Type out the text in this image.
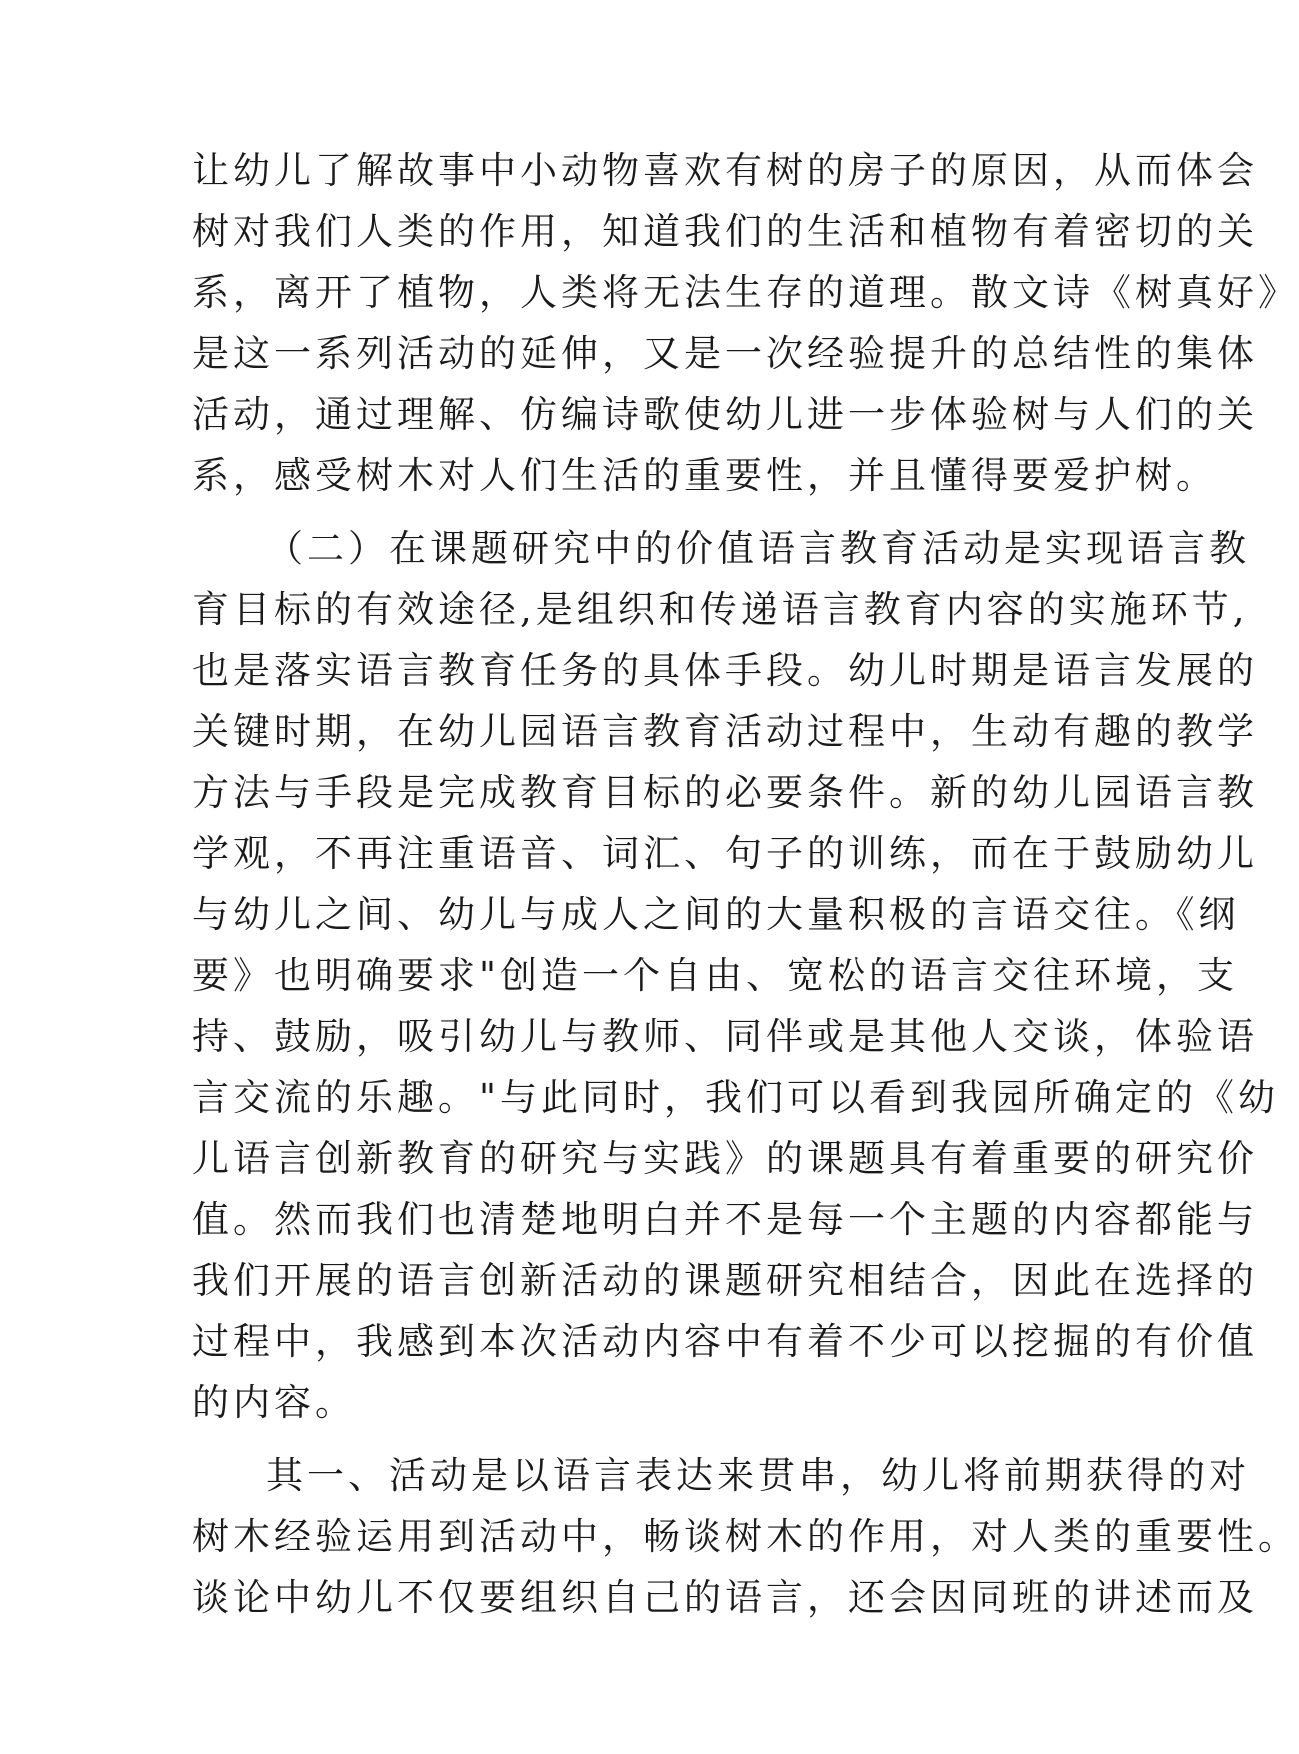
让幼儿了解故事中小动物喜欢有树的房子的原因，从而体会
树对我们人类的作用，知道我们的生活和植物有着密切的关
系，离开了植物，人类将无法生存的道理。散文诗《树真好》
是这一系列活动的延伸，又是一次经验提升的总结性的集体
活动，通过理解、仿编诗歌使幼儿进一步体验树与人们的关
系，感受树木对人们生活的重要性，并且懂得要爱护树。
（二）在课题研究中的价值语言教育活动是实现语言教
育目标的有效途径,是组织和传递语言教育内容的实施环节,
也是落实语言教育任务的具体手段。幼儿时期是语言发展的
关键时期，在幼儿园语言教育活动过程中，生动有趣的教学
方法与手段是完成教育目标的必要条件。新的幼儿园语言教
学观，不再注重语音、词汇、句子的训练，而在于鼓励幼儿
与幼儿之间、幼儿与成人之间的大量积极的言语交往。《纲
要》也明确要求"创造一个自由、宽松的语言交往环境，支
持、鼓励，吸引幼儿与教师、同伴或是其他人交谈，体验语
言交流的乐趣。"与此同时，我们可以看到我园所确定的《幼
儿语言创新教育的研究与实践》的课题具有着重要的研究价
值。然而我们也清楚地明白并不是每一个主题的内容都能与
我们开展的语言创新活动的课题研究相结合，因此在选择的
过程中，我感到本次活动内容中有着不少可以挖掘的有价值
的内容。
其一、活动是以语言表达来贯串，幼儿将前期获得的对
树木经验运用到活动中，畅谈树木的作用，对人类的重要性。
谈论中幼儿不仅要组织自己的语言，还会因同班的讲述而及
